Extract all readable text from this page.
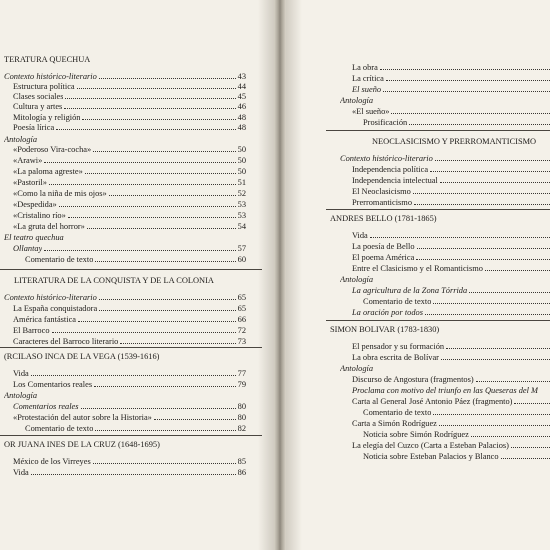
TERATURA QUECHUA
Contexto histórico-literario	43
Estructura política	44
Clases sociales	45
Cultura y artes	46
Mitología y religión	48
Poesía lírica	48
Antología
«Poderoso Vira-cocha»	50
«Arawi»	50
«La paloma agreste»	50
«Pastoril»	51
«Como la niña de mis ojos»	52
«Despedida»	53
«Cristalino río»	53
«La gruta del horror»	54
El teatro quechua
Ollantay	57
Comentario de texto	60
LITERATURA DE LA CONQUISTA Y DE LA COLONIA
Contexto histórico-literario	65
La España conquistadora	65
América fantástica	66
El Barroco	72
Caracteres del Barroco literario	73
(RCILASO INCA DE LA VEGA (1539-1616)
Vida	77
Los Comentarios reales	79
Antología
Comentarios reales	80
«Protestación del autor sobre la Historia»	80
Comentario de texto	82
OR JUANA INES DE LA CRUZ (1648-1695)
México de los Virreyes	85
Vida	86
La obra
La crítica
El sueño
Antología
«El sueño»
Prosificación
NEOCLASICISMO Y PRERROMANTICISMO
Contexto histórico-literario
Independencia política
Independencia intelectual
El Neoclasicismo
Prerromanticismo
ANDRES BELLO (1781-1865)
Vida
La poesía de Bello
El poema América
Entre el Clasicismo y el Romanticismo
Antología
La agricultura de la Zona Tórrida
Comentario de texto
La oración por todos
SIMON BOLIVAR (1783-1830)
El pensador y su formación
La obra escrita de Bolívar
Antología
Discurso de Angostura (fragmentos)
Proclama con motivo del triunfo en las Queseras del M
Carta al General José Antonio Páez (fragmento)
Comentario de texto
Carta a Simón Rodríguez
Noticia sobre Simón Rodríguez
La elegía del Cuzco (Carta a Esteban Palacios)
Noticia sobre Esteban Palacios y Blanco
